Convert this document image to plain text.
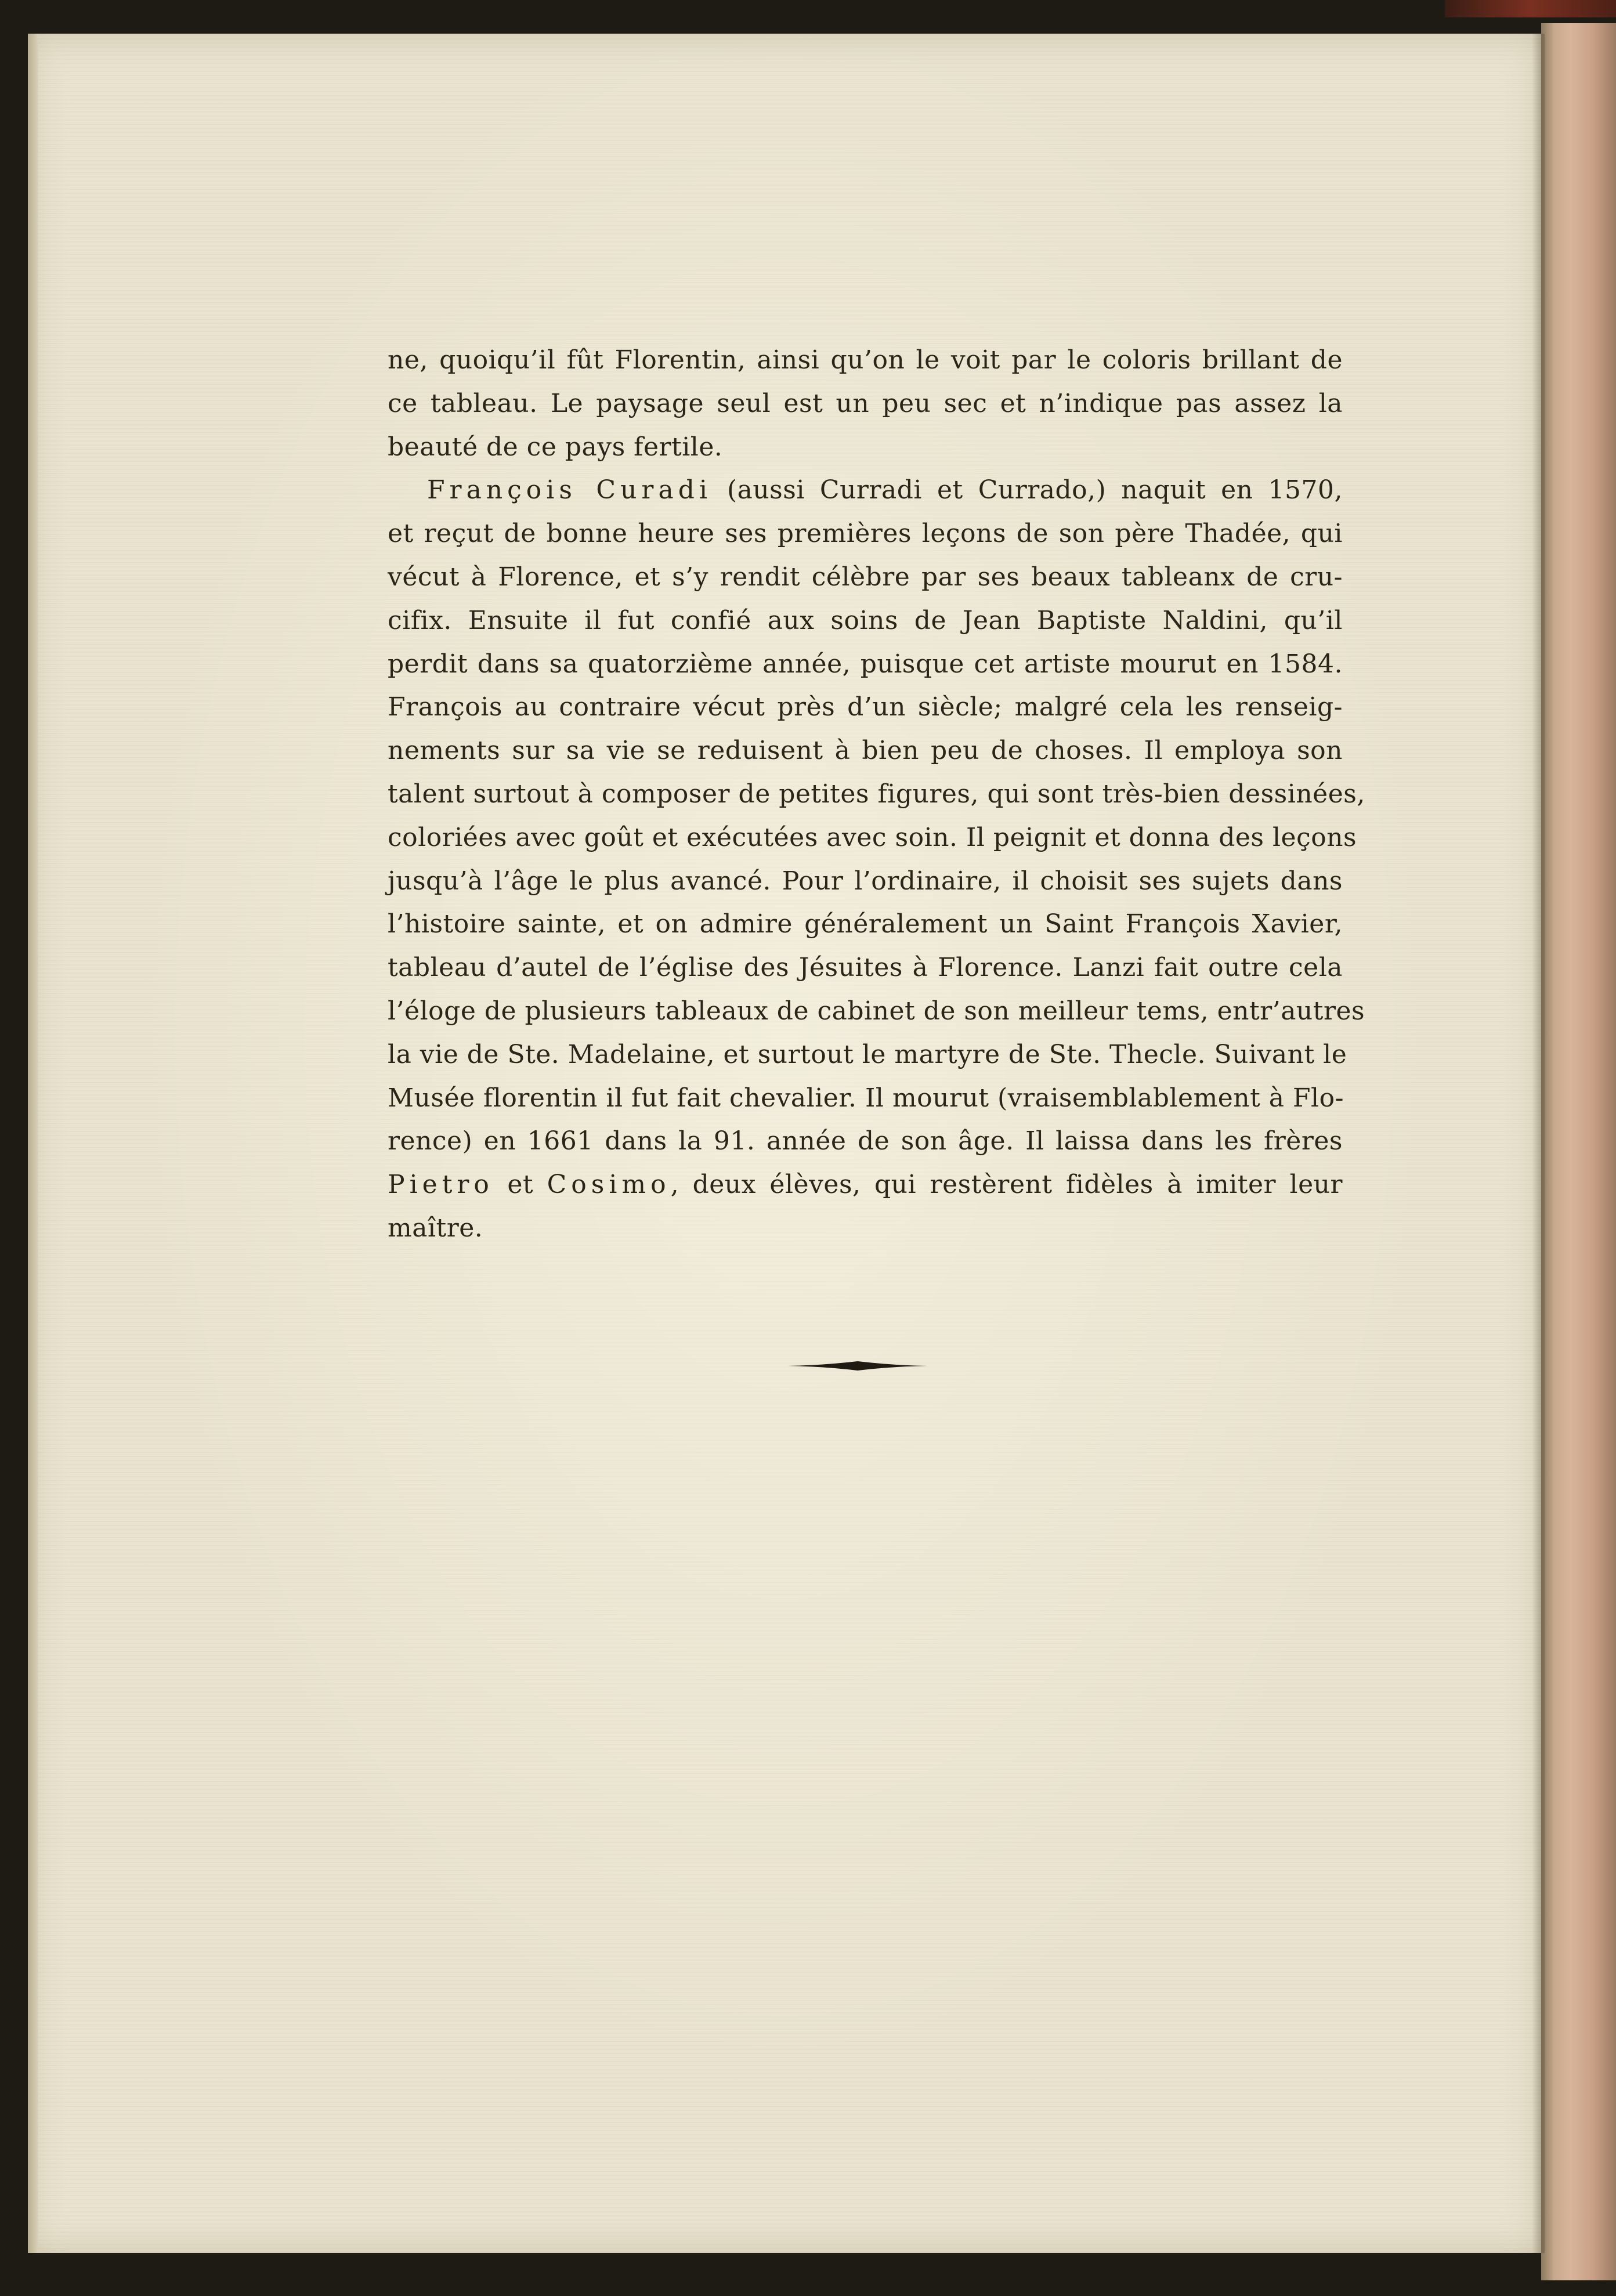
ne, quoiqu’il fût Florentin, ainsi qu’on le voit par le coloris brillant de
ce tableau. Le paysage seul est un peu sec et n’indique pas assez la
beauté de ce pays fertile.
François Curadi (aussi Curradi et Currado,) naquit en 1570,
et reçut de bonne heure ses premières leçons de son père Thadée, qui
vécut à Florence, et s’y rendit célèbre par ses beaux tableanx de cru-
cifix. Ensuite il fut confié aux soins de Jean Baptiste Naldini, qu’il
perdit dans sa quatorzième année, puisque cet artiste mourut en 1584.
François au contraire vécut près d’un siècle; malgré cela les renseig-
nements sur sa vie se reduisent à bien peu de choses. Il employa son
talent surtout à composer de petites figures, qui sont très-bien dessinées,
coloriées avec goût et exécutées avec soin. Il peignit et donna des leçons
jusqu’à l’âge le plus avancé. Pour l’ordinaire, il choisit ses sujets dans
l’histoire sainte, et on admire généralement un Saint François Xavier,
tableau d’autel de l’église des Jésuites à Florence. Lanzi fait outre cela
l’éloge de plusieurs tableaux de cabinet de son meilleur tems, entr’autres
la vie de Ste. Madelaine, et surtout le martyre de Ste. Thecle. Suivant le
Musée florentin il fut fait chevalier. Il mourut (vraisemblablement à Flo-
rence) en 1661 dans la 91. année de son âge. Il laissa dans les frères
Pietro et Cosimo, deux élèves, qui restèrent fidèles à imiter leur
maître.
